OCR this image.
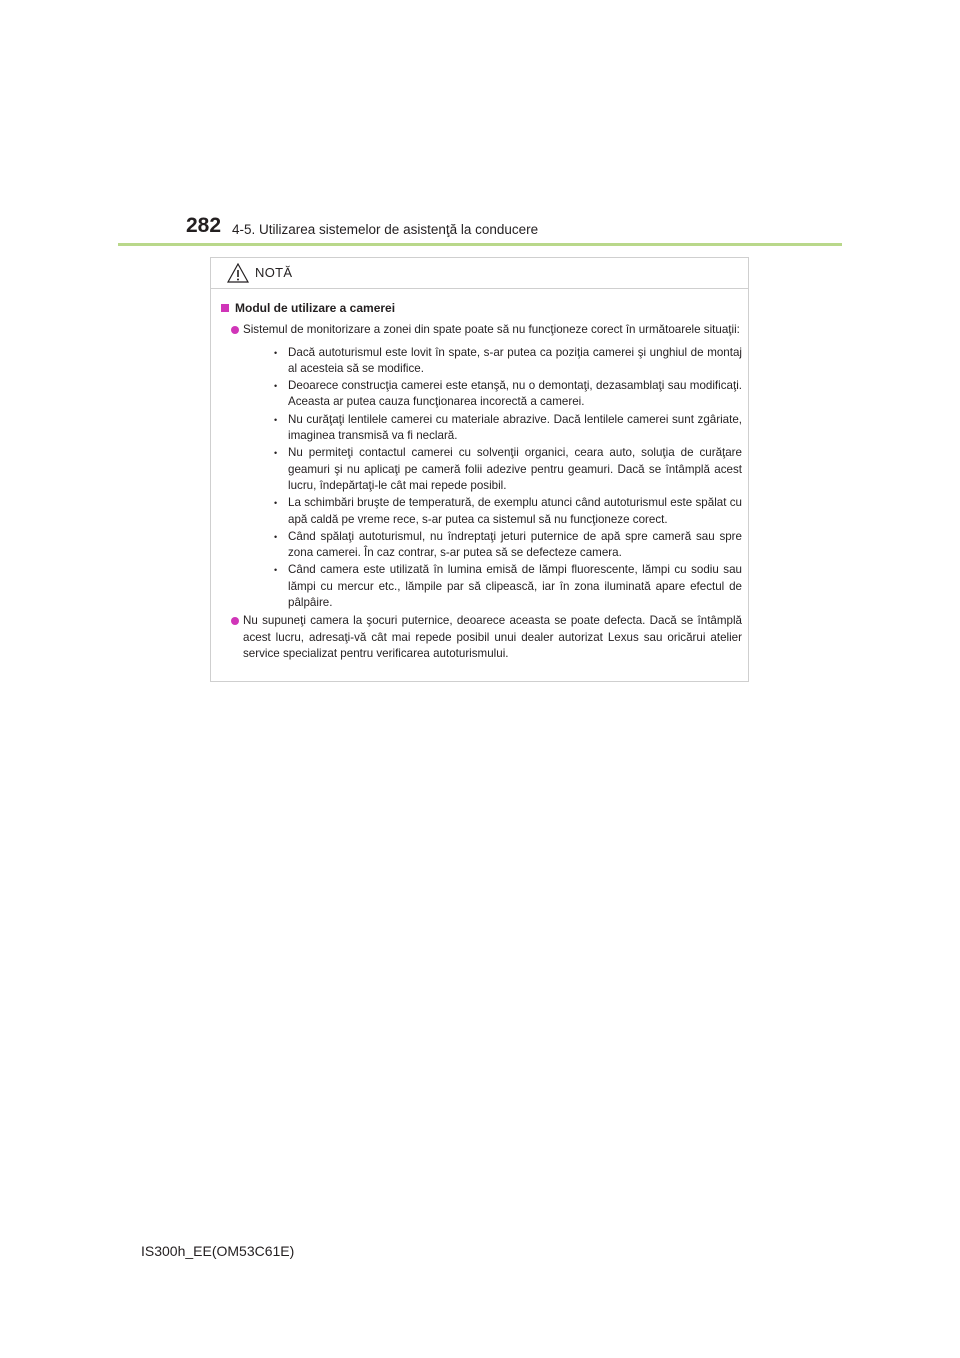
282 4-5. Utilizarea sistemelor de asistenţă la conducere
NOTĂ
Modul de utilizare a camerei
Sistemul de monitorizare a zonei din spate poate să nu funcţioneze corect în următoarele situaţii:
• Dacă autoturismul este lovit în spate, s-ar putea ca poziţia camerei şi unghiul de montaj al acesteia să se modifice.
• Deoarece construcţia camerei este etanşă, nu o demontaţi, dezasamblaţi sau modificaţi. Aceasta ar putea cauza funcţionarea incorectă a camerei.
• Nu curăţaţi lentilele camerei cu materiale abrazive. Dacă lentilele camerei sunt zgâriate, imaginea transmisă va fi neclară.
• Nu permiteţi contactul camerei cu solvenţii organici, ceara auto, soluţia de curăţare geamuri şi nu aplicaţi pe cameră folii adezive pentru geamuri. Dacă se întâmplă acest lucru, îndepărtaţi-le cât mai repede posibil.
• La schimbări bruşte de temperatură, de exemplu atunci când autoturismul este spălat cu apă caldă pe vreme rece, s-ar putea ca sistemul să nu funcţioneze corect.
• Când spălaţi autoturismul, nu îndreptaţi jeturi puternice de apă spre cameră sau spre zona camerei. În caz contrar, s-ar putea să se defecteze camera.
• Când camera este utilizată în lumina emisă de lămpi fluorescente, lămpi cu sodiu sau lămpi cu mercur etc., lămpile par să clipească, iar în zona iluminată apare efectul de pâlpâire.
Nu supuneţi camera la şocuri puternice, deoarece aceasta se poate defecta. Dacă se întâmplă acest lucru, adresaţi-vă cât mai repede posibil unui dealer autorizat Lexus sau oricărui atelier service specializat pentru verificarea autoturismului.
IS300h_EE(OM53C61E)
